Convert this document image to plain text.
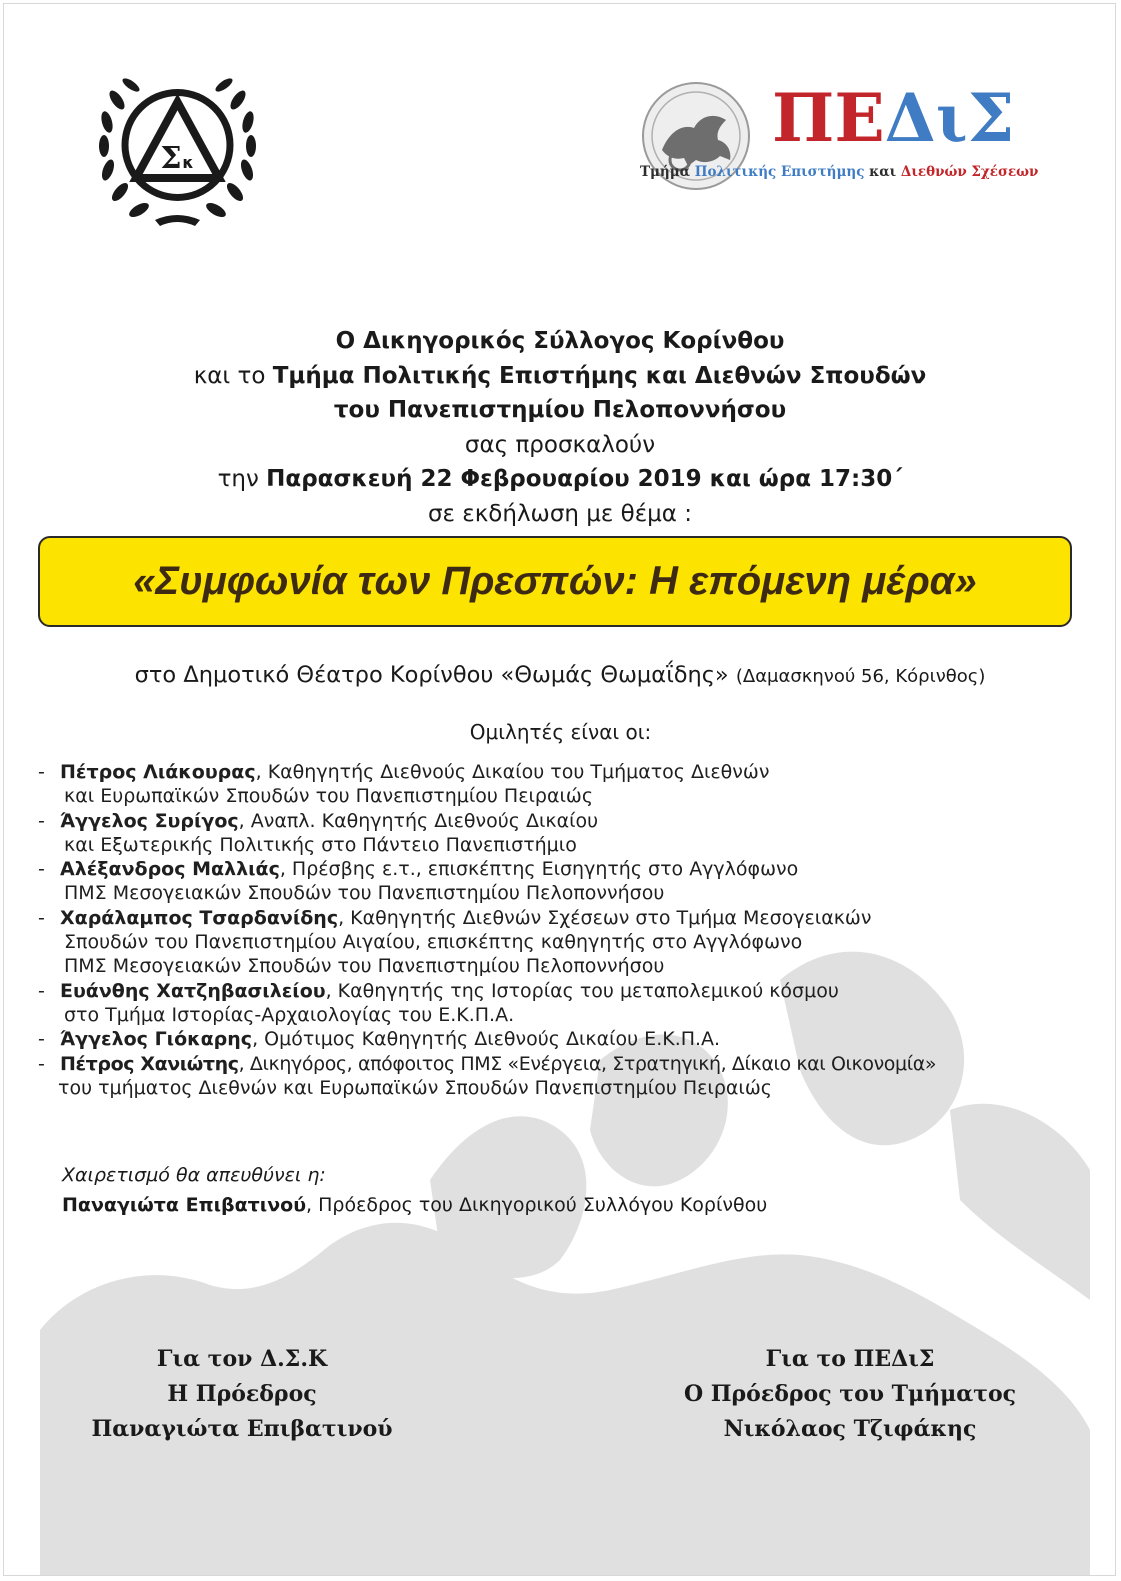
Σ κ
ΠΕΔιΣ
Τμήμα Πολιτικής Επιστήμης και Διεθνών Σχέσεων
Ο Δικηγορικός Σύλλογος Κορίνθου
και το Τμήμα Πολιτικής Επιστήμης και Διεθνών Σπουδών
του Πανεπιστημίου Πελοποννήσου
σας προσκαλούν
την Παρασκευή 22 Φεβρουαρίου 2019 και ώρα 17:30΄
σε εκδήλωση με θέμα :
«Συμφωνία των Πρεσπών: Η επόμενη μέρα»
στο Δημοτικό Θέατρο Κορίνθου «Θωμάς Θωμαΐδης» (Δαμασκηνού 56, Κόρινθος)
Ομιλητές είναι οι:
- Πέτρος Λιάκουρας, Καθηγητής Διεθνούς Δικαίου του Τμήματος Διεθνών
και Ευρωπαϊκών Σπουδών του Πανεπιστημίου Πειραιώς
- Άγγελος Συρίγος, Αναπλ. Καθηγητής Διεθνούς Δικαίου
και Εξωτερικής Πολιτικής στο Πάντειο Πανεπιστήμιο
- Αλέξανδρος Μαλλιάς, Πρέσβης ε.τ., επισκέπτης Εισηγητής στο Αγγλόφωνο
ΠΜΣ Μεσογειακών Σπουδών του Πανεπιστημίου Πελοποννήσου
- Χαράλαμπος Τσαρδανίδης, Καθηγητής Διεθνών Σχέσεων στο Τμήμα Μεσογειακών
Σπουδών του Πανεπιστημίου Αιγαίου, επισκέπτης καθηγητής στο Αγγλόφωνο
ΠΜΣ Μεσογειακών Σπουδών του Πανεπιστημίου Πελοποννήσου
- Ευάνθης Χατζηβασιλείου, Καθηγητής της Ιστορίας του μεταπολεμικού κόσμου
στο Τμήμα Ιστορίας-Αρχαιολογίας του Ε.Κ.Π.Α.
- Άγγελος Γιόκαρης, Ομότιμος Καθηγητής Διεθνούς Δικαίου Ε.Κ.Π.Α.
- Πέτρος Χανιώτης, Δικηγόρος, απόφοιτος ΠΜΣ «Ενέργεια, Στρατηγική, Δίκαιο και Οικονομία»
του τμήματος Διεθνών και Ευρωπαϊκών Σπουδών Πανεπιστημίου Πειραιώς
Χαιρετισμό θα απευθύνει η:
Παναγιώτα Επιβατινού, Πρόεδρος του Δικηγορικού Συλλόγου Κορίνθου
Για τον Δ.Σ.Κ
Η Πρόεδρος
Παναγιώτα Επιβατινού
Για το ΠΕΔιΣ
Ο Πρόεδρος του Τμήματος
Νικόλαος Τζιφάκης
